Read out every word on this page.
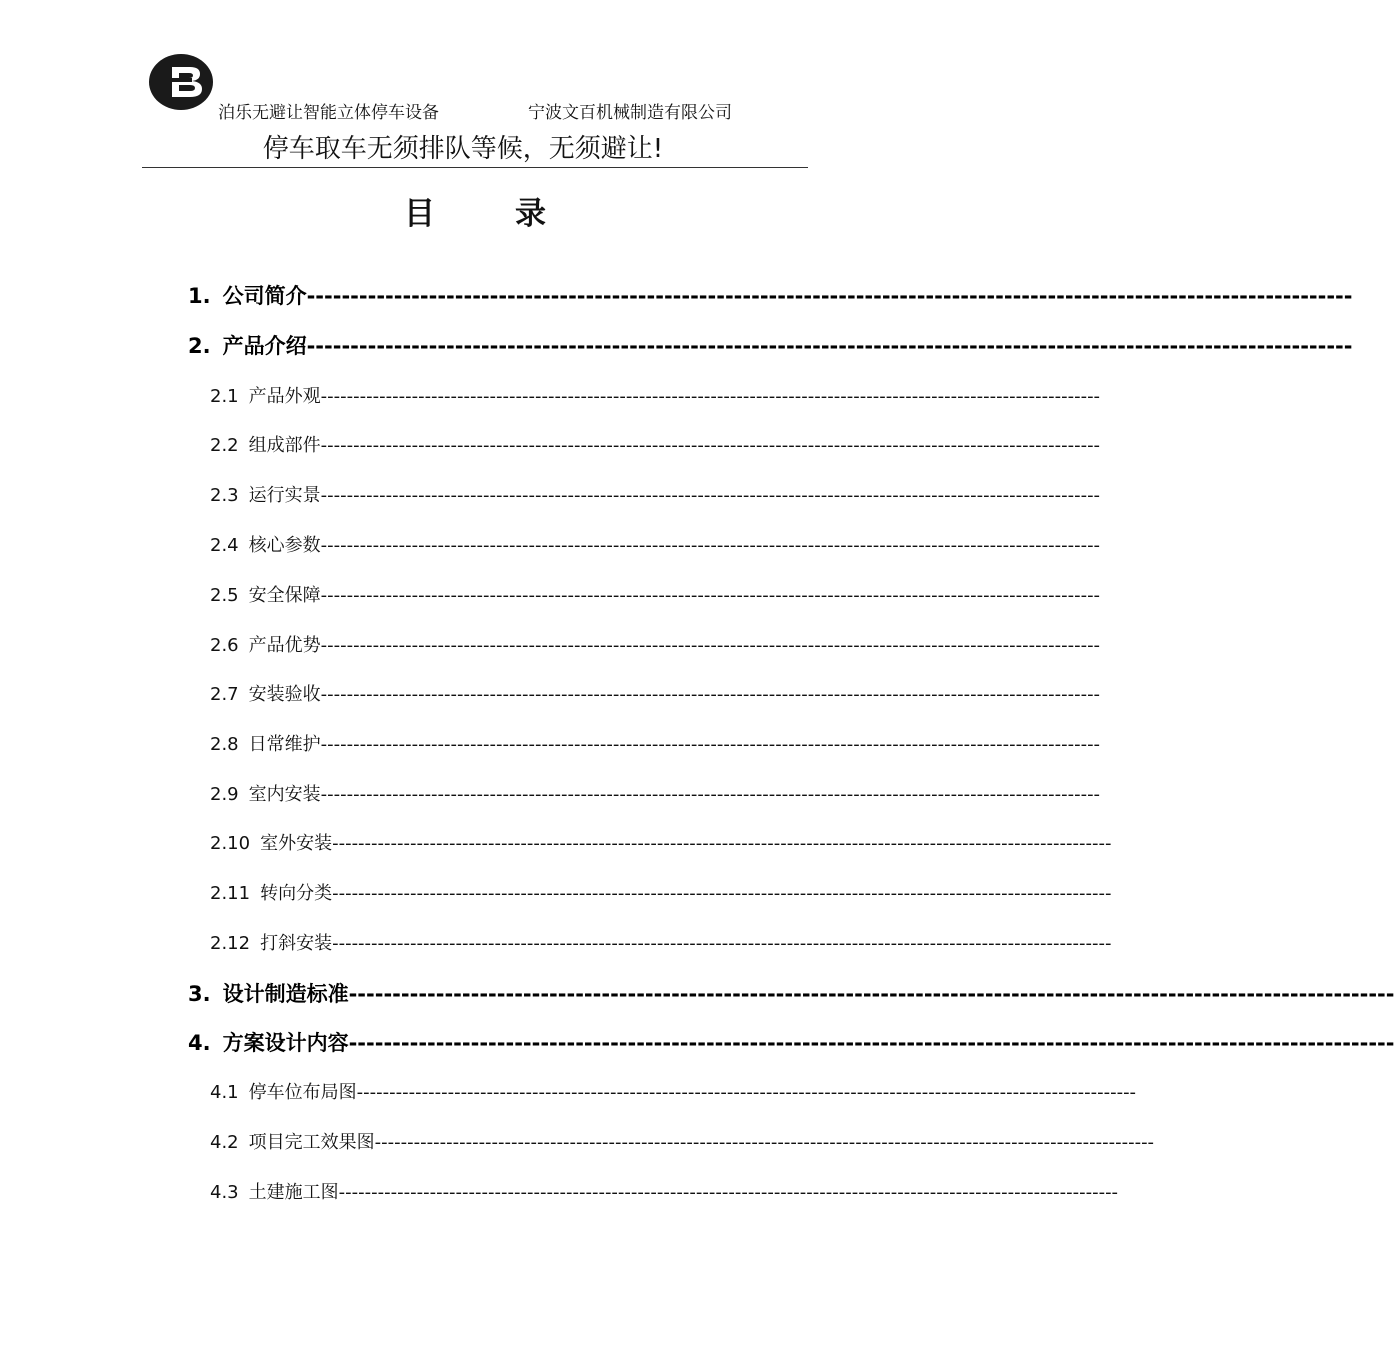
泊乐无避让智能立体停车设备	宁波文百机械制造有限公司
停车取车无须排队等候，无须避让!
目	录
1. 公司简介 ------------------------------------------------------------------------------------------------------------------------
2. 产品介绍 ------------------------------------------------------------------------------------------------------------------------
2.1 产品外观 ------------------------------------------------------------------------------------------------------------------------
2.2 组成部件 ------------------------------------------------------------------------------------------------------------------------
2.3 运行实景 ------------------------------------------------------------------------------------------------------------------------
2.4 核心参数 ------------------------------------------------------------------------------------------------------------------------
2.5 安全保障 ------------------------------------------------------------------------------------------------------------------------
2.6 产品优势 ------------------------------------------------------------------------------------------------------------------------
2.7 安装验收 ------------------------------------------------------------------------------------------------------------------------
2.8 日常维护 ------------------------------------------------------------------------------------------------------------------------
2.9 室内安装 ------------------------------------------------------------------------------------------------------------------------
2.10 室外安装 ------------------------------------------------------------------------------------------------------------------------
2.11 转向分类 ------------------------------------------------------------------------------------------------------------------------
2.12 打斜安装 ------------------------------------------------------------------------------------------------------------------------
3. 设计制造标准 ------------------------------------------------------------------------------------------------------------------------
4. 方案设计内容 ------------------------------------------------------------------------------------------------------------------------
4.1 停车位布局图 ------------------------------------------------------------------------------------------------------------------------
4.2 项目完工效果图 ------------------------------------------------------------------------------------------------------------------------
4.3 土建施工图 ------------------------------------------------------------------------------------------------------------------------
